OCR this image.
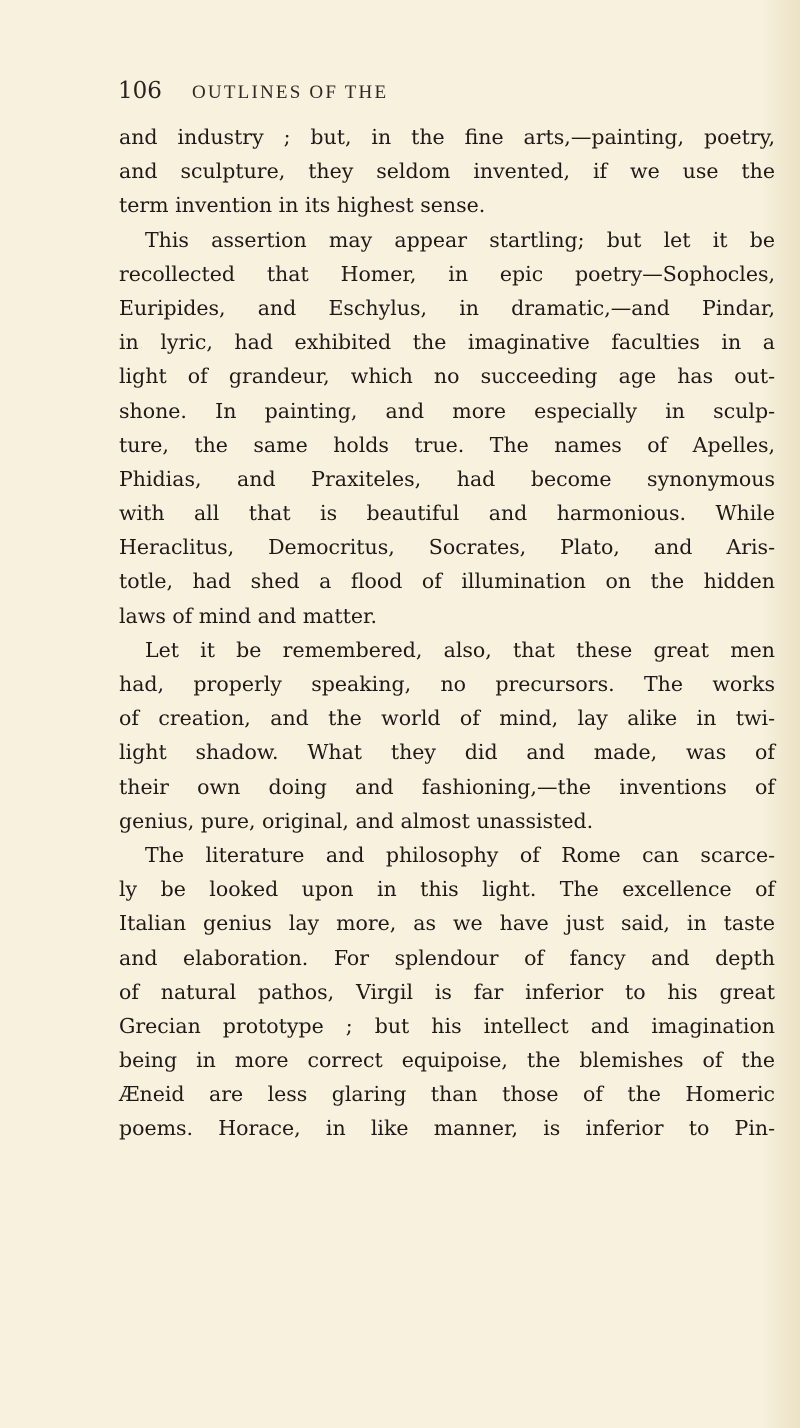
106 OUTLINES OF THE
and industry ; but, in the fine arts,—painting, poetry,
and sculpture, they seldom invented, if we use the
term invention in its highest sense.
This assertion may appear startling; but let it be
recollected that Homer, in epic poetry—Sophocles,
Euripides, and Eschylus, in dramatic,—and Pindar,
in lyric, had exhibited the imaginative faculties in a
light of grandeur, which no succeeding age has out-
shone. In painting, and more especially in sculp-
ture, the same holds true. The names of Apelles,
Phidias, and Praxiteles, had become synonymous
with all that is beautiful and harmonious. While
Heraclitus, Democritus, Socrates, Plato, and Aris-
totle, had shed a flood of illumination on the hidden
laws of mind and matter.
Let it be remembered, also, that these great men
had, properly speaking, no precursors. The works
of creation, and the world of mind, lay alike in twi-
light shadow. What they did and made, was of
their own doing and fashioning,—the inventions of
genius, pure, original, and almost unassisted.
The literature and philosophy of Rome can scarce-
ly be looked upon in this light. The excellence of
Italian genius lay more, as we have just said, in taste
and elaboration. For splendour of fancy and depth
of natural pathos, Virgil is far inferior to his great
Grecian prototype ; but his intellect and imagination
being in more correct equipoise, the blemishes of the
Æneid are less glaring than those of the Homeric
poems. Horace, in like manner, is inferior to Pin-
